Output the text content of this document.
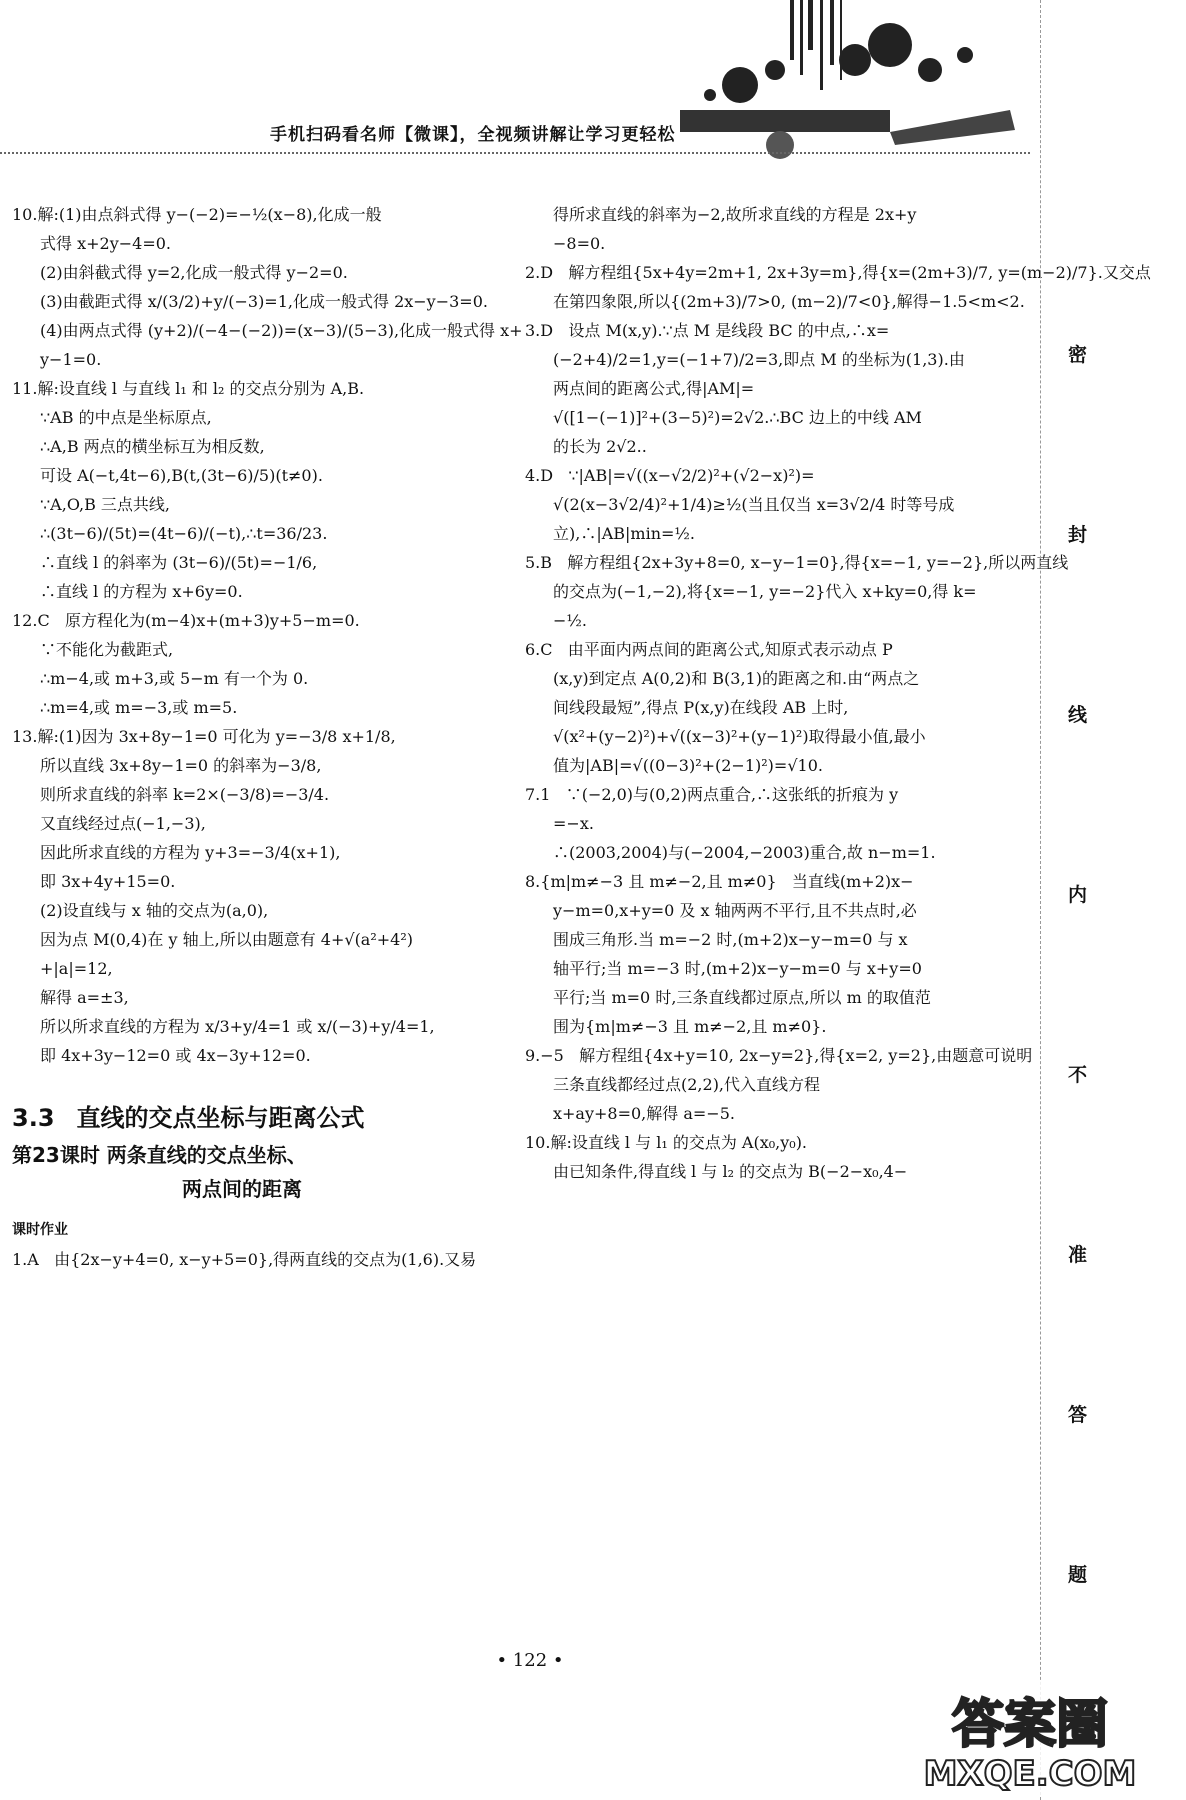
手机扫码看名师【微课】，全视频讲解让学习更轻松
10.解:(1)由点斜式得 y−(−2)=−½(x−8),化成一般
式得 x+2y−4=0.
(2)由斜截式得 y=2,化成一般式得 y−2=0.
(3)由截距式得 x/(3/2)+y/(−3)=1,化成一般式得 2x−y−3=0.
(4)由两点式得 (y+2)/(−4−(−2))=(x−3)/(5−3),化成一般式得 x+
y−1=0.
11.解:设直线 l 与直线 l₁ 和 l₂ 的交点分别为 A,B.
∵AB 的中点是坐标原点,
∴A,B 两点的横坐标互为相反数,
可设 A(−t,4t−6),B(t,(3t−6)/5)(t≠0).
∵A,O,B 三点共线,
∴(3t−6)/(5t)=(4t−6)/(−t),∴t=36/23.
∴直线 l 的斜率为 (3t−6)/(5t)=−1/6,
∴直线 l 的方程为 x+6y=0.
12.C   原方程化为(m−4)x+(m+3)y+5−m=0.
∵不能化为截距式,
∴m−4,或 m+3,或 5−m 有一个为 0.
∴m=4,或 m=−3,或 m=5.
13.解:(1)因为 3x+8y−1=0 可化为 y=−3/8 x+1/8,
所以直线 3x+8y−1=0 的斜率为−3/8,
则所求直线的斜率 k=2×(−3/8)=−3/4.
又直线经过点(−1,−3),
因此所求直线的方程为 y+3=−3/4(x+1),
即 3x+4y+15=0.
(2)设直线与 x 轴的交点为(a,0),
因为点 M(0,4)在 y 轴上,所以由题意有 4+√(a²+4²)
+|a|=12,
解得 a=±3,
所以所求直线的方程为 x/3+y/4=1 或 x/(−3)+y/4=1,
即 4x+3y−12=0 或 4x−3y+12=0.
3.3 直线的交点坐标与距离公式
第23课时 两条直线的交点坐标、
两点间的距离
课时作业
1.A   由{2x−y+4=0, x−y+5=0},得两直线的交点为(1,6).又易
得所求直线的斜率为−2,故所求直线的方程是 2x+y
−8=0.
2.D   解方程组{5x+4y=2m+1, 2x+3y=m},得{x=(2m+3)/7, y=(m−2)/7}.又交点
在第四象限,所以{(2m+3)/7>0, (m−2)/7<0},解得−1.5<m<2.
3.D   设点 M(x,y).∵点 M 是线段 BC 的中点,∴x=
(−2+4)/2=1,y=(−1+7)/2=3,即点 M 的坐标为(1,3).由
两点间的距离公式,得|AM|=
√([1−(−1)]²+(3−5)²)=2√2.∴BC 边上的中线 AM
的长为 2√2..
4.D   ∵|AB|=√((x−√2/2)²+(√2−x)²)=
√(2(x−3√2/4)²+1/4)≥½(当且仅当 x=3√2/4 时等号成
立),∴|AB|min=½.
5.B   解方程组{2x+3y+8=0, x−y−1=0},得{x=−1, y=−2},所以两直线
的交点为(−1,−2),将{x=−1, y=−2}代入 x+ky=0,得 k=
−½.
6.C   由平面内两点间的距离公式,知原式表示动点 P
(x,y)到定点 A(0,2)和 B(3,1)的距离之和.由“两点之
间线段最短”,得点 P(x,y)在线段 AB 上时,
√(x²+(y−2)²)+√((x−3)²+(y−1)²)取得最小值,最小
值为|AB|=√((0−3)²+(2−1)²)=√10.
7.1   ∵(−2,0)与(0,2)两点重合,∴这张纸的折痕为 y
=−x.
∴(2003,2004)与(−2004,−2003)重合,故 n−m=1.
8.{m|m≠−3 且 m≠−2,且 m≠0}   当直线(m+2)x−
y−m=0,x+y=0 及 x 轴两两不平行,且不共点时,必
围成三角形.当 m=−2 时,(m+2)x−y−m=0 与 x
轴平行;当 m=−3 时,(m+2)x−y−m=0 与 x+y=0
平行;当 m=0 时,三条直线都过原点,所以 m 的取值范
围为{m|m≠−3 且 m≠−2,且 m≠0}.
9.−5   解方程组{4x+y=10, 2x−y=2},得{x=2, y=2},由题意可说明
三条直线都经过点(2,2),代入直线方程
x+ay+8=0,解得 a=−5.
10.解:设直线 l 与 l₁ 的交点为 A(x₀,y₀).
由已知条件,得直线 l 与 l₂ 的交点为 B(−2−x₀,4−
密
封
线
内
不
准
答
题
• 122 •
答案圈
MXQE.COM
